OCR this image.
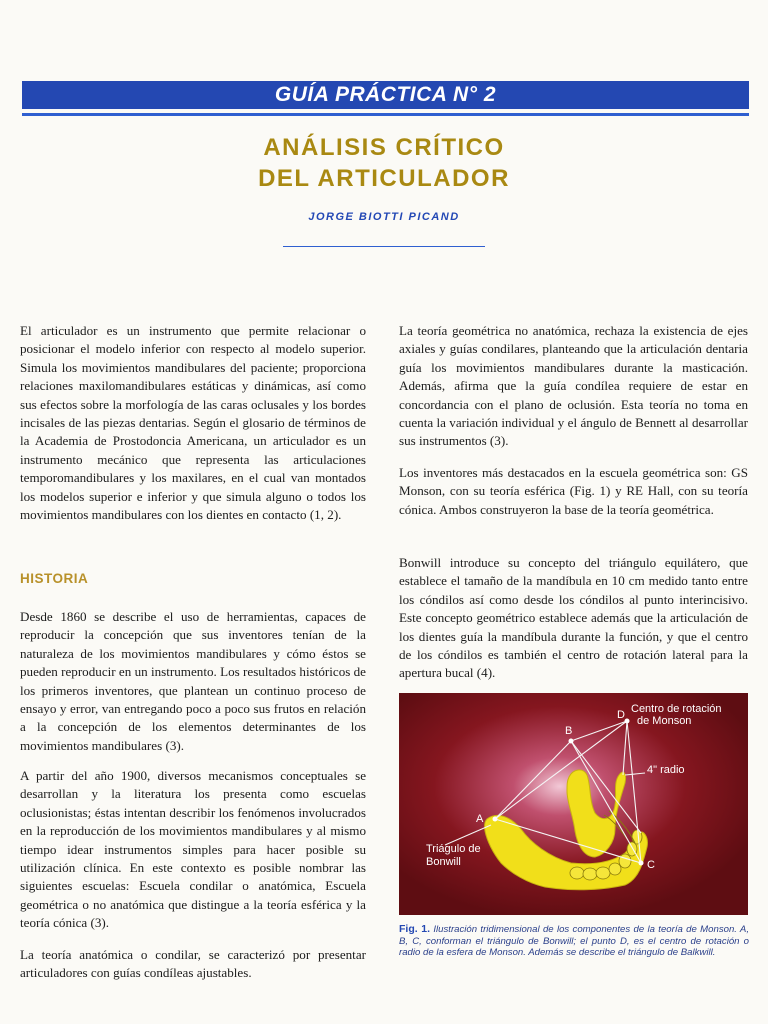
GUÍA PRÁCTICA N° 2
ANÁLISIS CRÍTICO
DEL ARTICULADOR
JORGE BIOTTI PICAND

El articulador es un instrumento que permite relacionar o posicionar el modelo inferior con respecto al modelo superior. Simula los movimientos mandibulares del paciente; proporciona relaciones maxilomandibulares estáticas y dinámicas, así como sus efectos sobre la morfología de las caras oclusales y los bordes incisales de las piezas dentarias. Según el glosario de términos de la Academia de Prostodoncia Americana, un articulador es un instrumento mecánico que representa las articulaciones temporomandibulares y los maxilares, en el cual van montados los modelos superior e inferior y que simula alguno o todos los movimientos mandibulares con los dientes en contacto (1, 2).

HISTORIA

Desde 1860 se describe el uso de herramientas, capaces de reproducir la concepción que sus inventores tenían de la naturaleza de los movimientos mandibulares y cómo éstos se pueden reproducir en un instrumento. Los resultados históricos de los primeros inventores, que plantean un continuo proceso de ensayo y error, van entregando poco a poco sus frutos en relación a la concepción de los elementos determinantes de los movimientos mandibulares (3).

A partir del año 1900, diversos mecanismos conceptuales se desarrollan y la literatura los presenta como escuelas oclusionistas; éstas intentan describir los fenómenos involucrados en la reproducción de los movimientos mandibulares y al mismo tiempo idear instrumentos simples para hacer posible su utilización clínica. En este contexto es posible nombrar las siguientes escuelas: Escuela condilar o anatómica, Escuela geométrica o no anatómica que distingue a la teoría esférica y la teoría cónica (3).

La teoría anatómica o condilar, se caracterizó por presentar articuladores con guías condíleas ajustables.

La teoría geométrica no anatómica, rechaza la existencia de ejes axiales y guías condilares, planteando que la articulación dentaria guía los movimientos mandibulares durante la masticación. Además, afirma que la guía condílea requiere de estar en concordancia con el plano de oclusión. Esta teoría no toma en cuenta la variación individual y el ángulo de Bennett al desarrollar sus instrumentos (3).

Los inventores más destacados en la escuela geométrica son: GS Monson, con su teoría esférica (Fig. 1) y RE Hall, con su teoría cónica. Ambos construyeron la base de la teoría geométrica.

Bonwill introduce su concepto del triángulo equilátero, que establece el tamaño de la mandíbula en 10 cm medido tanto entre los cóndilos así como desde los cóndilos al punto interincisivo. Este concepto geométrico establece además que la articulación de los dientes guía la mandíbula durante la función, y que el centro de los cóndilos es también el centro de rotación lateral para la apertura bucal (4).

Centro de rotación
de Monson
D
B
4" radio
A
C
Triágulo de
Bonwill
Fig. 1. Ilustración tridimensional de los componentes de la teoría de Monson. A, B, C, conforman el triángulo de Bonwill; el punto D, es el centro de rotación o radio de la esfera de Monson. Además se describe el triángulo de Balkwill.
